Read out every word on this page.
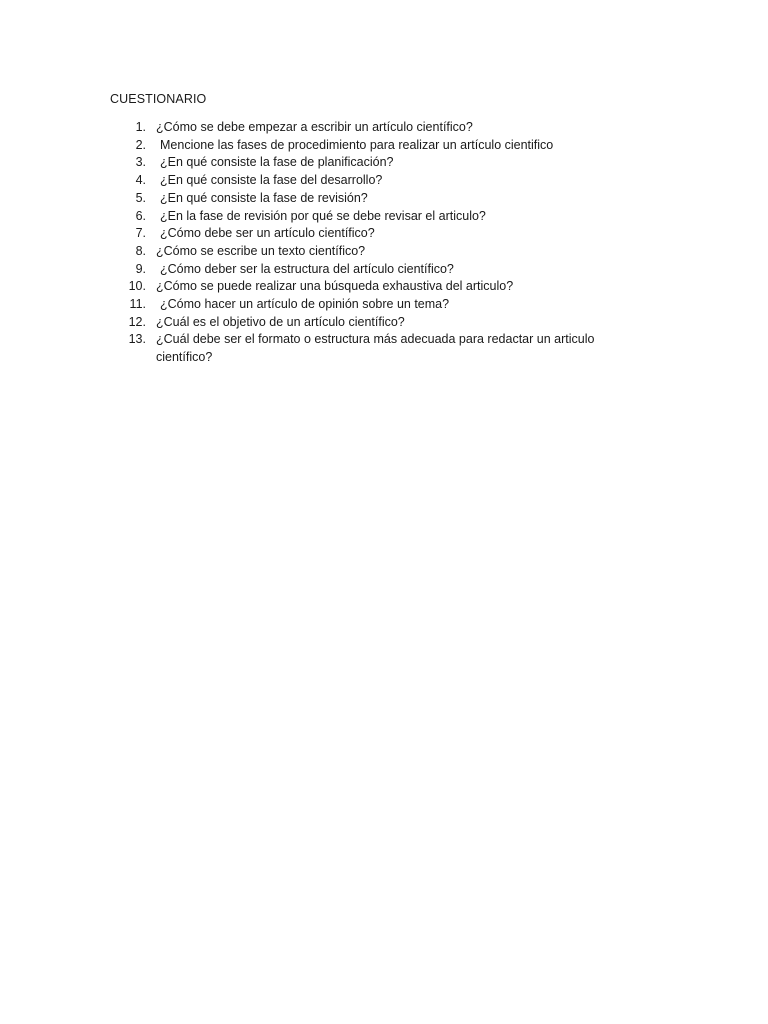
CUESTIONARIO
1. ¿Cómo se debe empezar a escribir un artículo científico?
2.	Mencione las fases de procedimiento para realizar un artículo cientifico
3.	¿En qué consiste la fase de planificación?
4.	¿En qué consiste la fase del desarrollo?
5.	¿En qué consiste la fase de revisión?
6.	¿En la fase de revisión por qué se debe revisar el articulo?
7.	¿Cómo debe ser un artículo científico?
8. ¿Cómo se escribe un texto científico?
9.	¿Cómo deber ser la estructura del artículo científico?
10. ¿Cómo se puede realizar una búsqueda exhaustiva del articulo?
11.	¿Cómo hacer un artículo de opinión sobre un tema?
12. ¿Cuál es el objetivo de un artículo científico?
13. ¿Cuál debe ser el formato o estructura más adecuada para redactar un articulo científico?
